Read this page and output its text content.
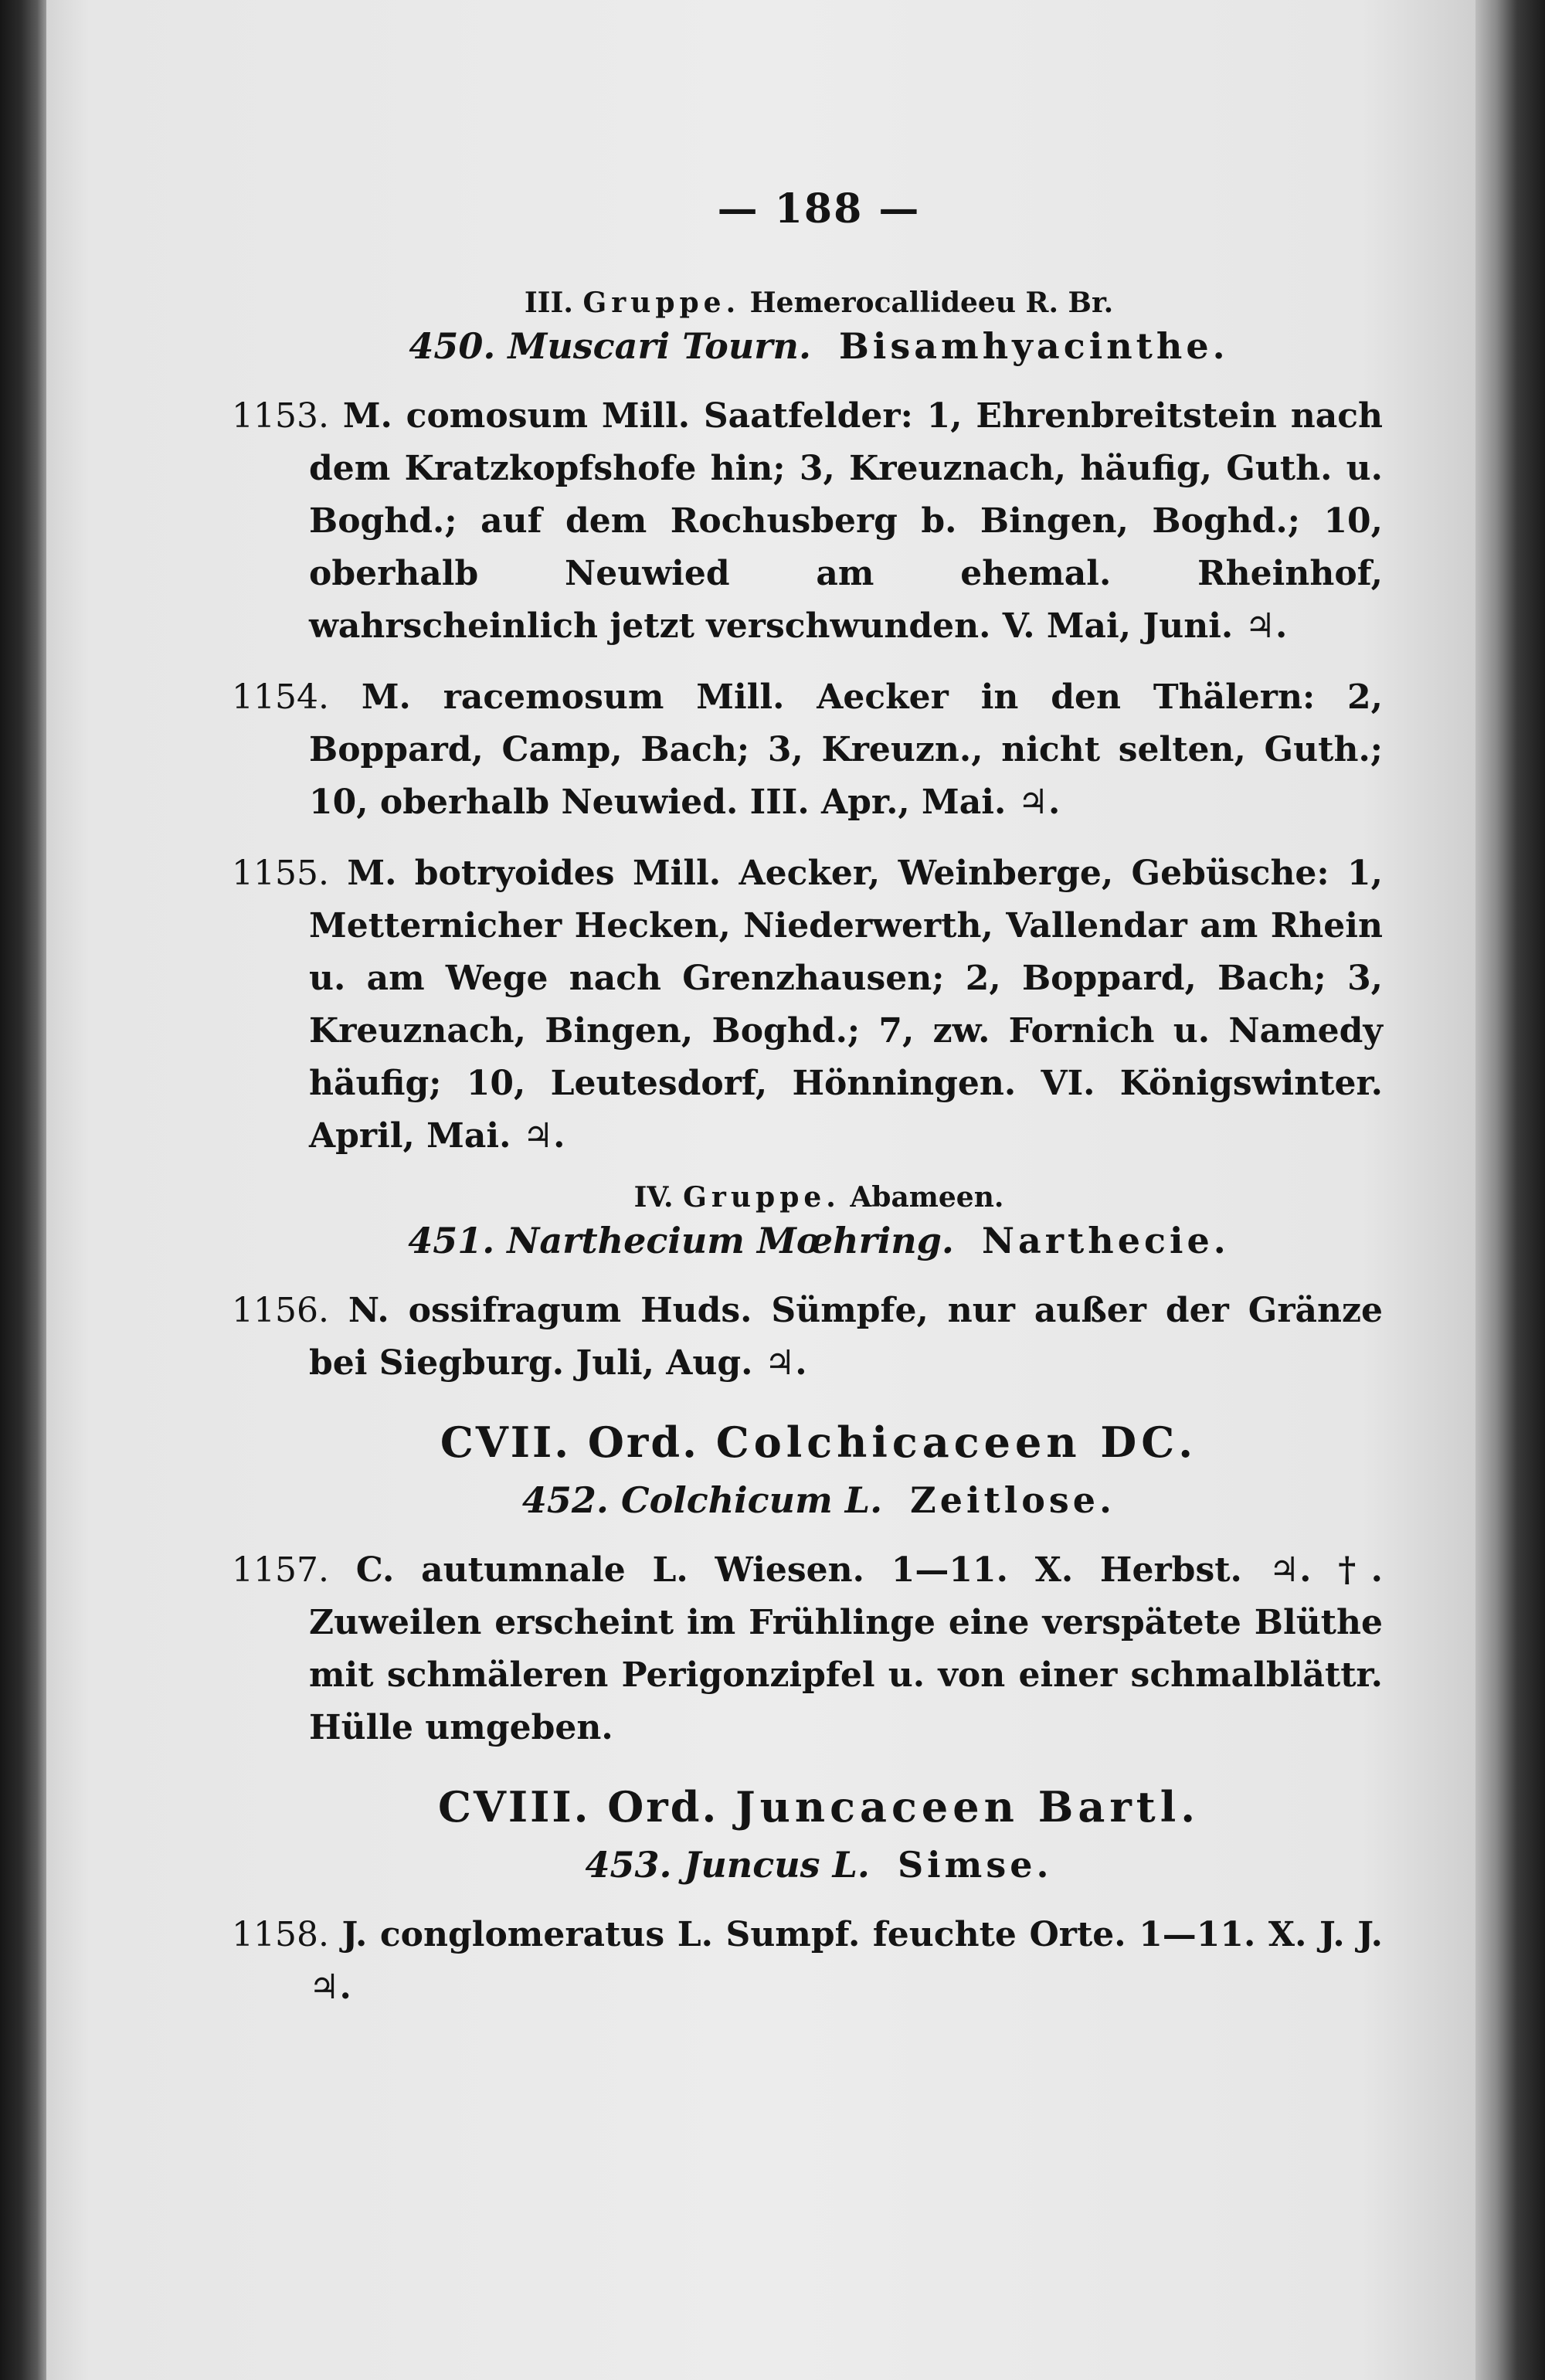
— 188 —
III. Gruppe. Hemerocallideeu R. Br.
450. Muscari Tourn. Bisamhyacinthe.

1153. M. comosum Mill. Saatfelder: 1, Ehrenbreitstein nach dem Kratzkopfshofe hin; 3, Kreuznach, häufig, Guth. u. Boghd.; auf dem Rochusberg b. Bingen, Boghd.; 10, oberhalb Neuwied am ehemal. Rheinhof, wahrscheinlich jetzt verschwunden. V. Mai, Juni. ♃.

1154. M. racemosum Mill. Aecker in den Thälern: 2, Boppard, Camp, Bach; 3, Kreuzn., nicht selten, Guth.; 10, oberhalb Neuwied. III. Apr., Mai. ♃.

1155. M. botryoides Mill. Aecker, Weinberge, Gebüsche: 1, Metternicher Hecken, Niederwerth, Vallendar am Rhein u. am Wege nach Grenzhausen; 2, Boppard, Bach; 3, Kreuznach, Bingen, Boghd.; 7, zw. Fornich u. Namedy häufig; 10, Leutesdorf, Hönningen. VI. Königswinter. April, Mai. ♃.

IV. Gruppe. Abameen.
451. Narthecium Mœhring. Narthecie.

1156. N. ossifragum Huds. Sümpfe, nur außer der Gränze bei Siegburg. Juli, Aug. ♃.

CVII. Ord. Colchicaceen DC.
452. Colchicum L. Zeitlose.

1157. C. autumnale L. Wiesen. 1—11. X. Herbst. ♃. †. Zuweilen erscheint im Frühlinge eine verspätete Blüthe mit schmäleren Perigonzipfel u. von einer schmalblättr. Hülle umgeben.

CVIII. Ord. Juncaceen Bartl.
453. Juncus L. Simse.

1158. J. conglomeratus L. Sumpf. feuchte Orte. 1—11. X. J. J. ♃.
